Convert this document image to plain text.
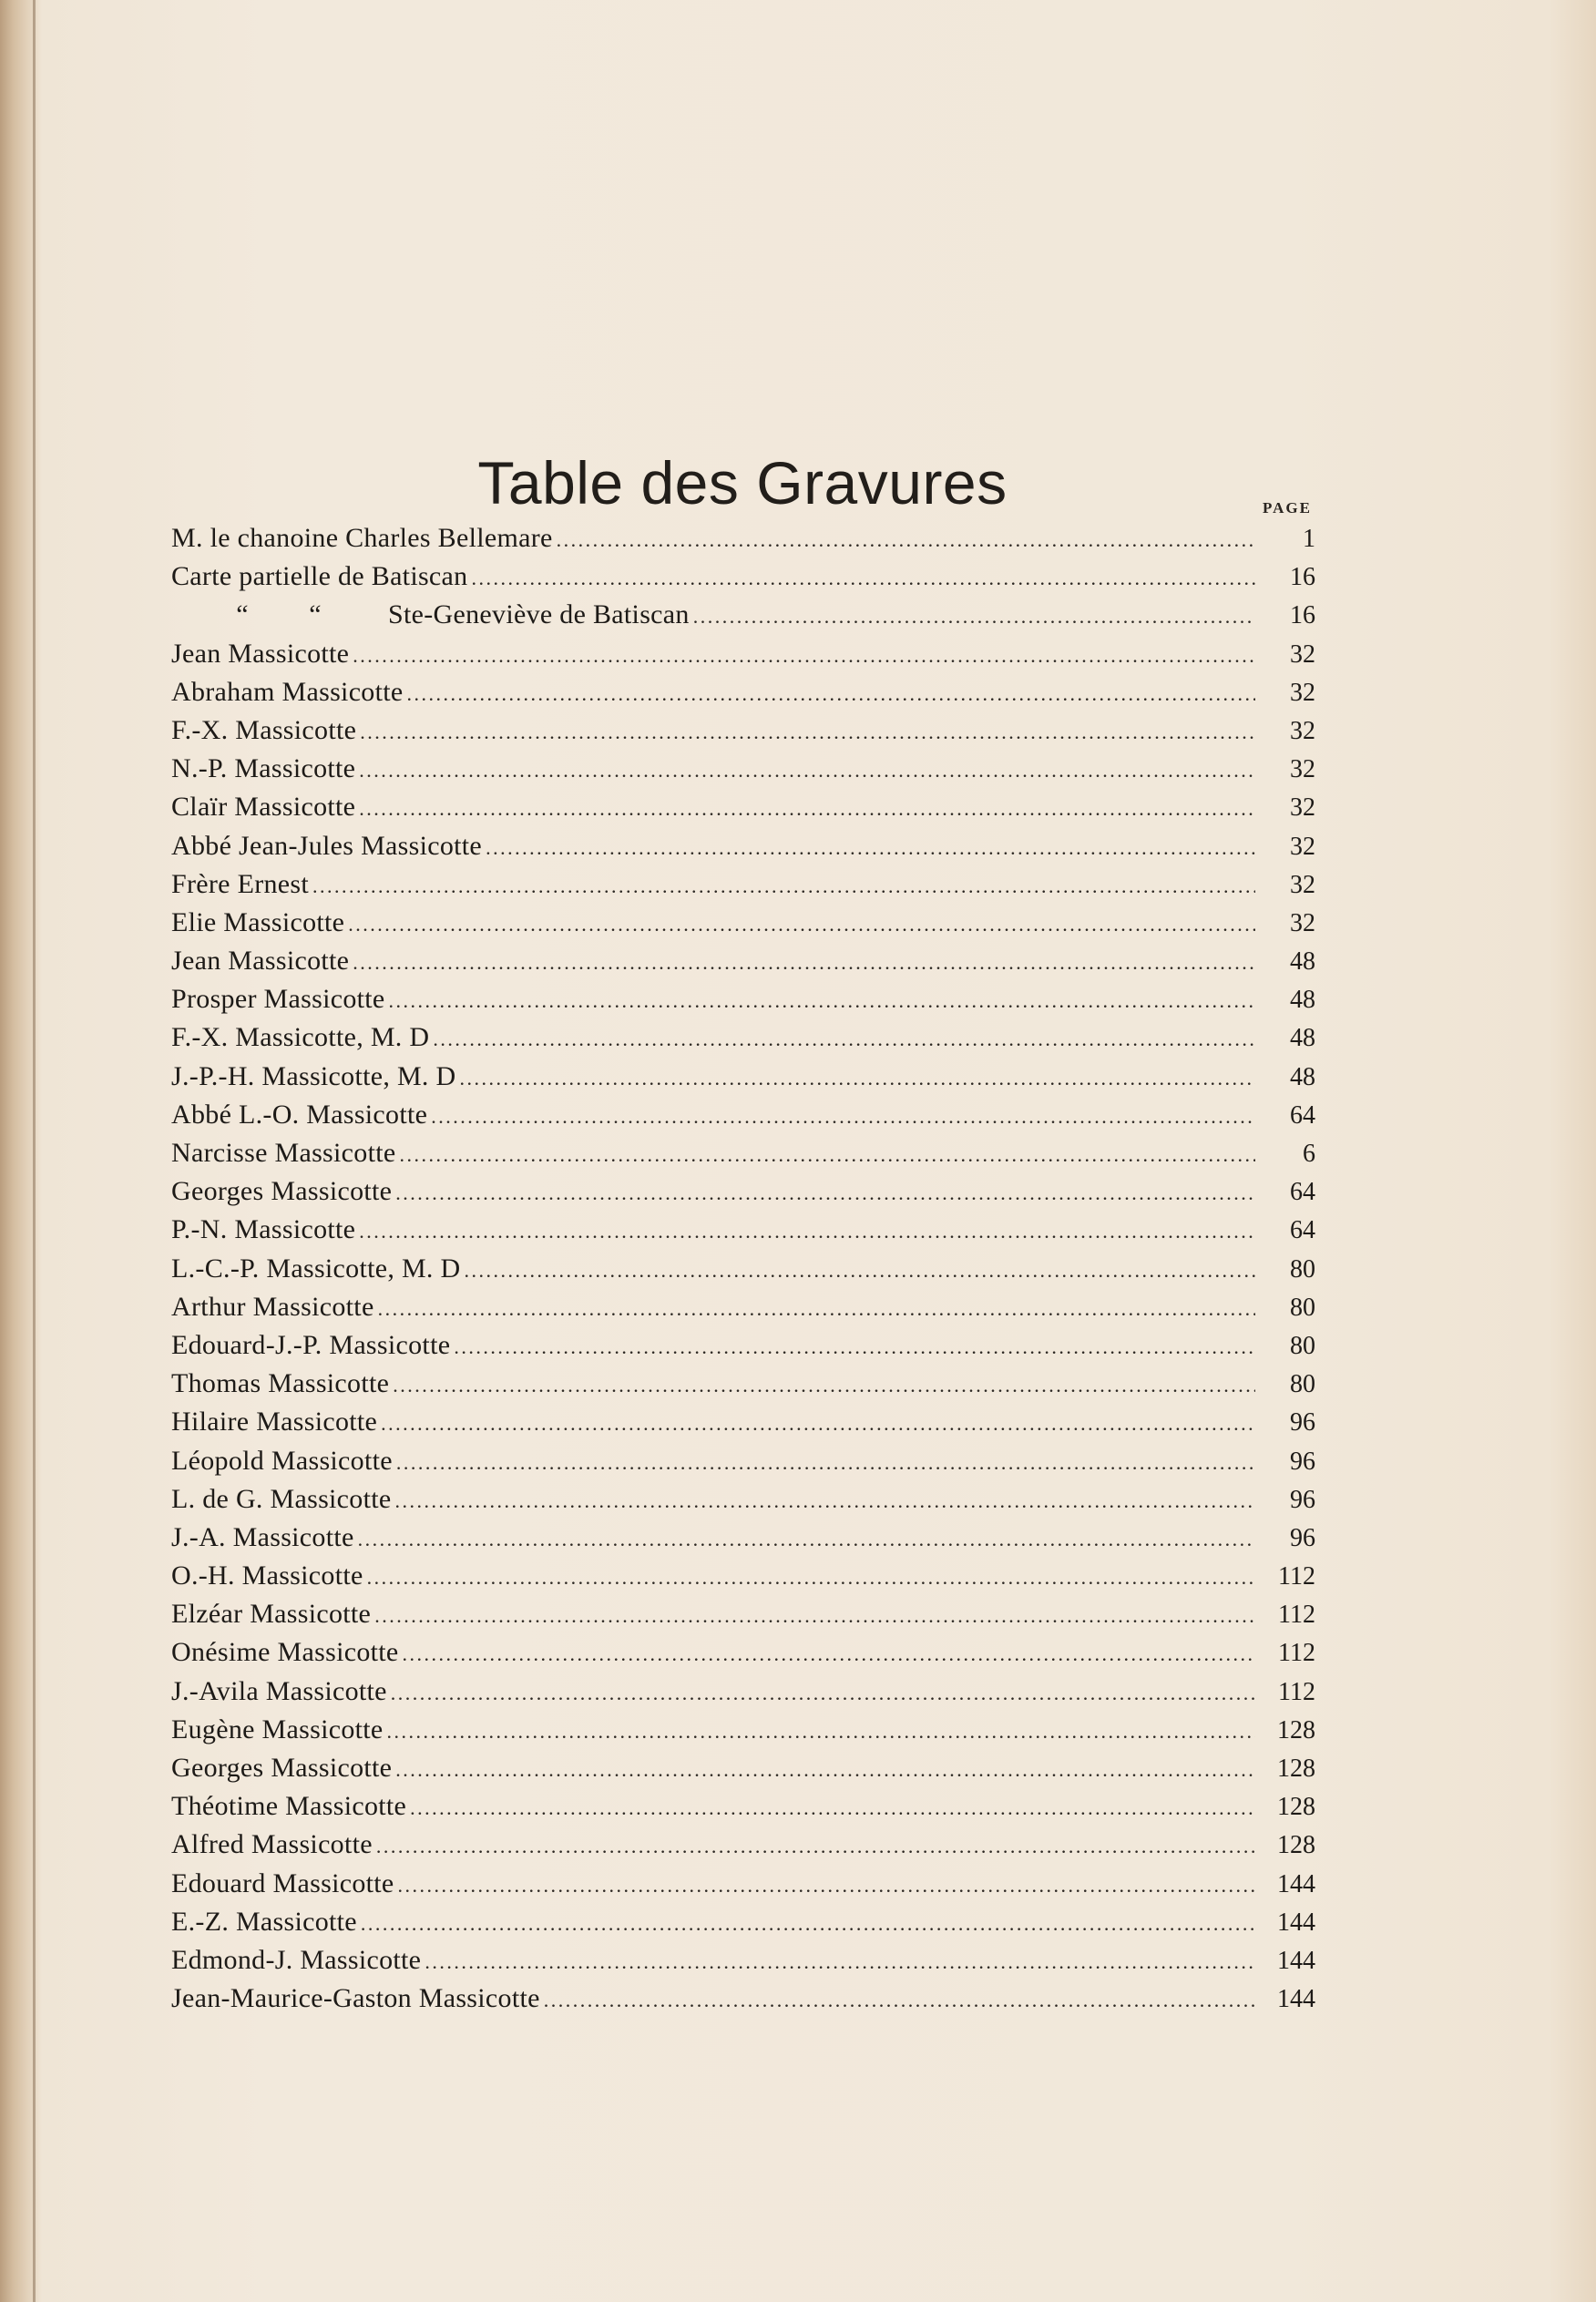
Table des Gravures	PAGE
M. le chanoine Charles Bellemare .....	1
Carte partielle de Batiscan .....	16
“ “ Ste-Geneviève de Batiscan .....	16
Jean Massicotte .....	32
Abraham Massicotte .....	32
F.-X. Massicotte .....	32
N.-P. Massicotte .....	32
Claïr Massicotte .....	32
Abbé Jean-Jules Massicotte .....	32
Frère Ernest .....	32
Elie Massicotte .....	32
Jean Massicotte .....	48
Prosper Massicotte .....	48
F.-X. Massicotte, M. D .....	48
J.-P.-H. Massicotte, M. D .....	48
Abbé L.-O. Massicotte .....	64
Narcisse Massicotte .....	6
Georges Massicotte .....	64
P.-N. Massicotte .....	64
L.-C.-P. Massicotte, M. D .....	80
Arthur Massicotte .....	80
Edouard-J.-P. Massicotte .....	80
Thomas Massicotte .....	80
Hilaire Massicotte .....	96
Léopold Massicotte .....	96
L. de G. Massicotte .....	96
J.-A. Massicotte .....	96
O.-H. Massicotte .....	112
Elzéar Massicotte .....	112
Onésime Massicotte .....	112
J.-Avila Massicotte .....	112
Eugène Massicotte .....	128
Georges Massicotte .....	128
Théotime Massicotte .....	128
Alfred Massicotte .....	128
Edouard Massicotte .....	144
E.-Z. Massicotte .....	144
Edmond-J. Massicotte .....	144
Jean-Maurice-Gaston Massicotte .....	144
